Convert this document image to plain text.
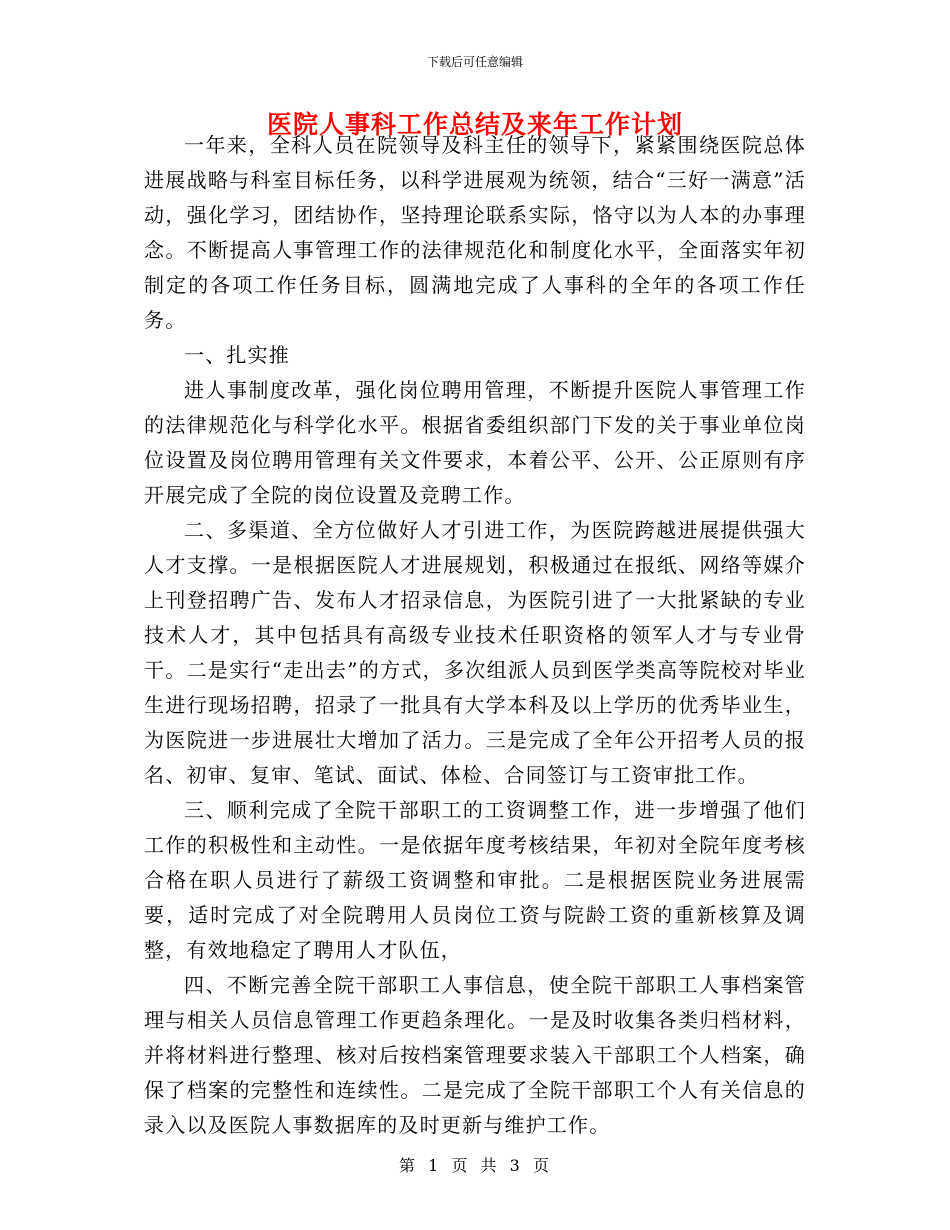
下载后可任意编辑
医院人事科工作总结及来年工作计划

一年来，全科人员在院领导及科主任的领导下，紧紧围绕医院总体进展战略与科室目标任务，以科学进展观为统领，结合“三好一满意”活动，强化学习，团结协作，坚持理论联系实际，恪守以为人本的办事理念。不断提高人事管理工作的法律规范化和制度化水平，全面落实年初制定的各项工作任务目标，圆满地完成了人事科的全年的各项工作任务。

一、扎实推

进人事制度改革，强化岗位聘用管理，不断提升医院人事管理工作的法律规范化与科学化水平。根据省委组织部门下发的关于事业单位岗位设置及岗位聘用管理有关文件要求，本着公平、公开、公正原则有序开展完成了全院的岗位设置及竞聘工作。

二、多渠道、全方位做好人才引进工作，为医院跨越进展提供强大人才支撑。一是根据医院人才进展规划，积极通过在报纸、网络等媒介上刊登招聘广告、发布人才招录信息，为医院引进了一大批紧缺的专业技术人才，其中包括具有高级专业技术任职资格的领军人才与专业骨干。二是实行“走出去”的方式，多次组派人员到医学类高等院校对毕业生进行现场招聘，招录了一批具有大学本科及以上学历的优秀毕业生，为医院进一步进展壮大增加了活力。三是完成了全年公开招考人员的报名、初审、复审、笔试、面试、体检、合同签订与工资审批工作。

三、顺利完成了全院干部职工的工资调整工作，进一步增强了他们工作的积极性和主动性。一是依据年度考核结果，年初对全院年度考核合格在职人员进行了薪级工资调整和审批。二是根据医院业务进展需要，适时完成了对全院聘用人员岗位工资与院龄工资的重新核算及调整，有效地稳定了聘用人才队伍，

四、不断完善全院干部职工人事信息，使全院干部职工人事档案管理与相关人员信息管理工作更趋条理化。一是及时收集各类归档材料，并将材料进行整理、核对后按档案管理要求装入干部职工个人档案，确保了档案的完整性和连续性。二是完成了全院干部职工个人有关信息的录入以及医院人事数据库的及时更新与维护工作。

第 1 页 共 3 页
